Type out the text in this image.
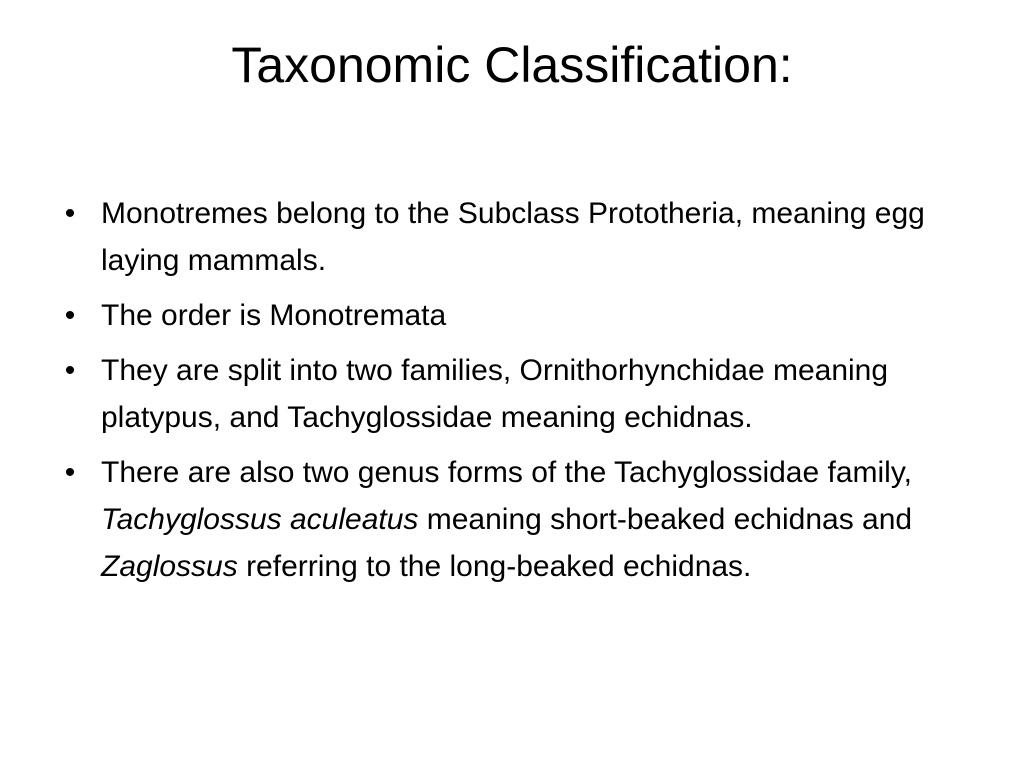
Taxonomic Classification:
• Monotremes belong to the Subclass Prototheria, meaning egg laying mammals.
• The order is Monotremata
• They are split into two families, Ornithorhynchidae meaning platypus, and Tachyglossidae meaning echidnas.
• There are also two genus forms of the Tachyglossidae family, Tachyglossus aculeatus meaning short-beaked echidnas and Zaglossus referring to the long-beaked echidnas.
